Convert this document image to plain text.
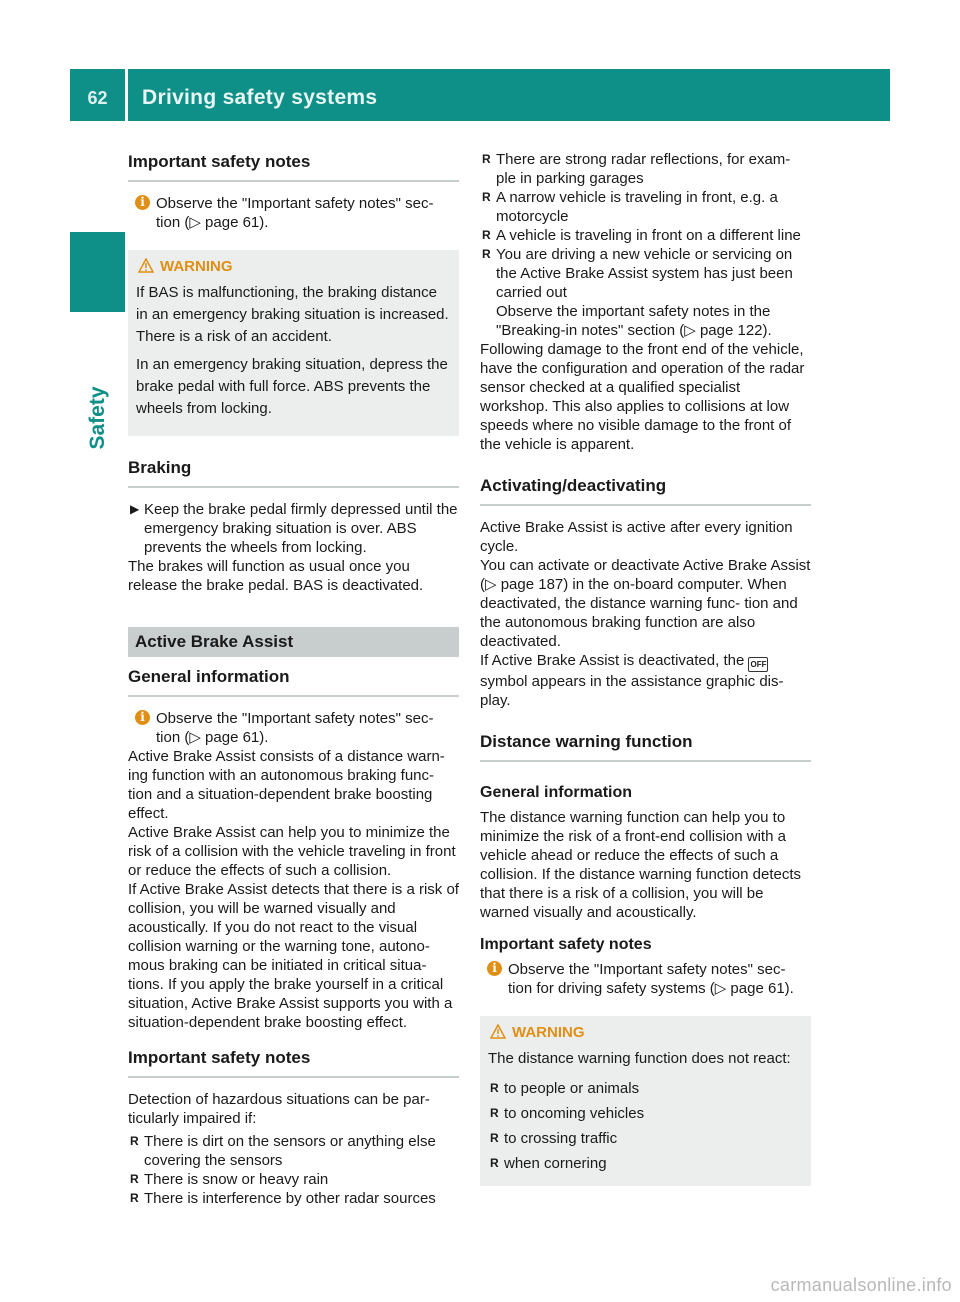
62	Driving safety systems
Safety
Important safety notes
i Observe the "Important safety notes" sec- tion (▷ page 61).
WARNING

If BAS is malfunctioning, the braking distance in an emergency braking situation is increased. There is a risk of an accident.

In an emergency braking situation, depress the brake pedal with full force. ABS prevents the wheels from locking.

Braking
▶ Keep the brake pedal firmly depressed until the emergency braking situation is over. ABS prevents the wheels from locking.

The brakes will function as usual once you release the brake pedal. BAS is deactivated.

Active Brake Assist
General information
i Observe the "Important safety notes" sec- tion (▷ page 61).

Active Brake Assist consists of a distance warn- ing function with an autonomous braking func- tion and a situation-dependent brake boosting effect.

Active Brake Assist can help you to minimize the risk of a collision with the vehicle traveling in front or reduce the effects of such a collision.

If Active Brake Assist detects that there is a risk of collision, you will be warned visually and acoustically. If you do not react to the visual collision warning or the warning tone, autono- mous braking can be initiated in critical situa- tions. If you apply the brake yourself in a critical situation, Active Brake Assist supports you with a situation-dependent brake boosting effect.

Important safety notes

Detection of hazardous situations can be par- ticularly impaired if:

R There is dirt on the sensors or anything else covering the sensors
R There is snow or heavy rain
R There is interference by other radar sources
R There are strong radar reflections, for exam- ple in parking garages
R A narrow vehicle is traveling in front, e.g. a motorcycle
R A vehicle is traveling in front on a different line
R You are driving a new vehicle or servicing on the Active Brake Assist system has just been carried out
Observe the important safety notes in the "Breaking-in notes" section (▷ page 122).

Following damage to the front end of the vehicle, have the configuration and operation of the radar sensor checked at a qualified specialist workshop. This also applies to collisions at low speeds where no visible damage to the front of the vehicle is apparent.

Activating/deactivating

Active Brake Assist is active after every ignition cycle.

You can activate or deactivate Active Brake Assist (▷ page 187) in the on-board computer. When deactivated, the distance warning func- tion and the autonomous braking function are also deactivated.

If Active Brake Assist is deactivated, the OFF symbol appears in the assistance graphic dis- play.

Distance warning function
General information

The distance warning function can help you to minimize the risk of a front-end collision with a vehicle ahead or reduce the effects of such a collision. If the distance warning function detects that there is a risk of a collision, you will be warned visually and acoustically.

Important safety notes
i Observe the "Important safety notes" sec- tion for driving safety systems (▷ page 61).
WARNING

The distance warning function does not react:

R to people or animals
R to oncoming vehicles
R to crossing traffic
R when cornering
carmanualsonline.info
